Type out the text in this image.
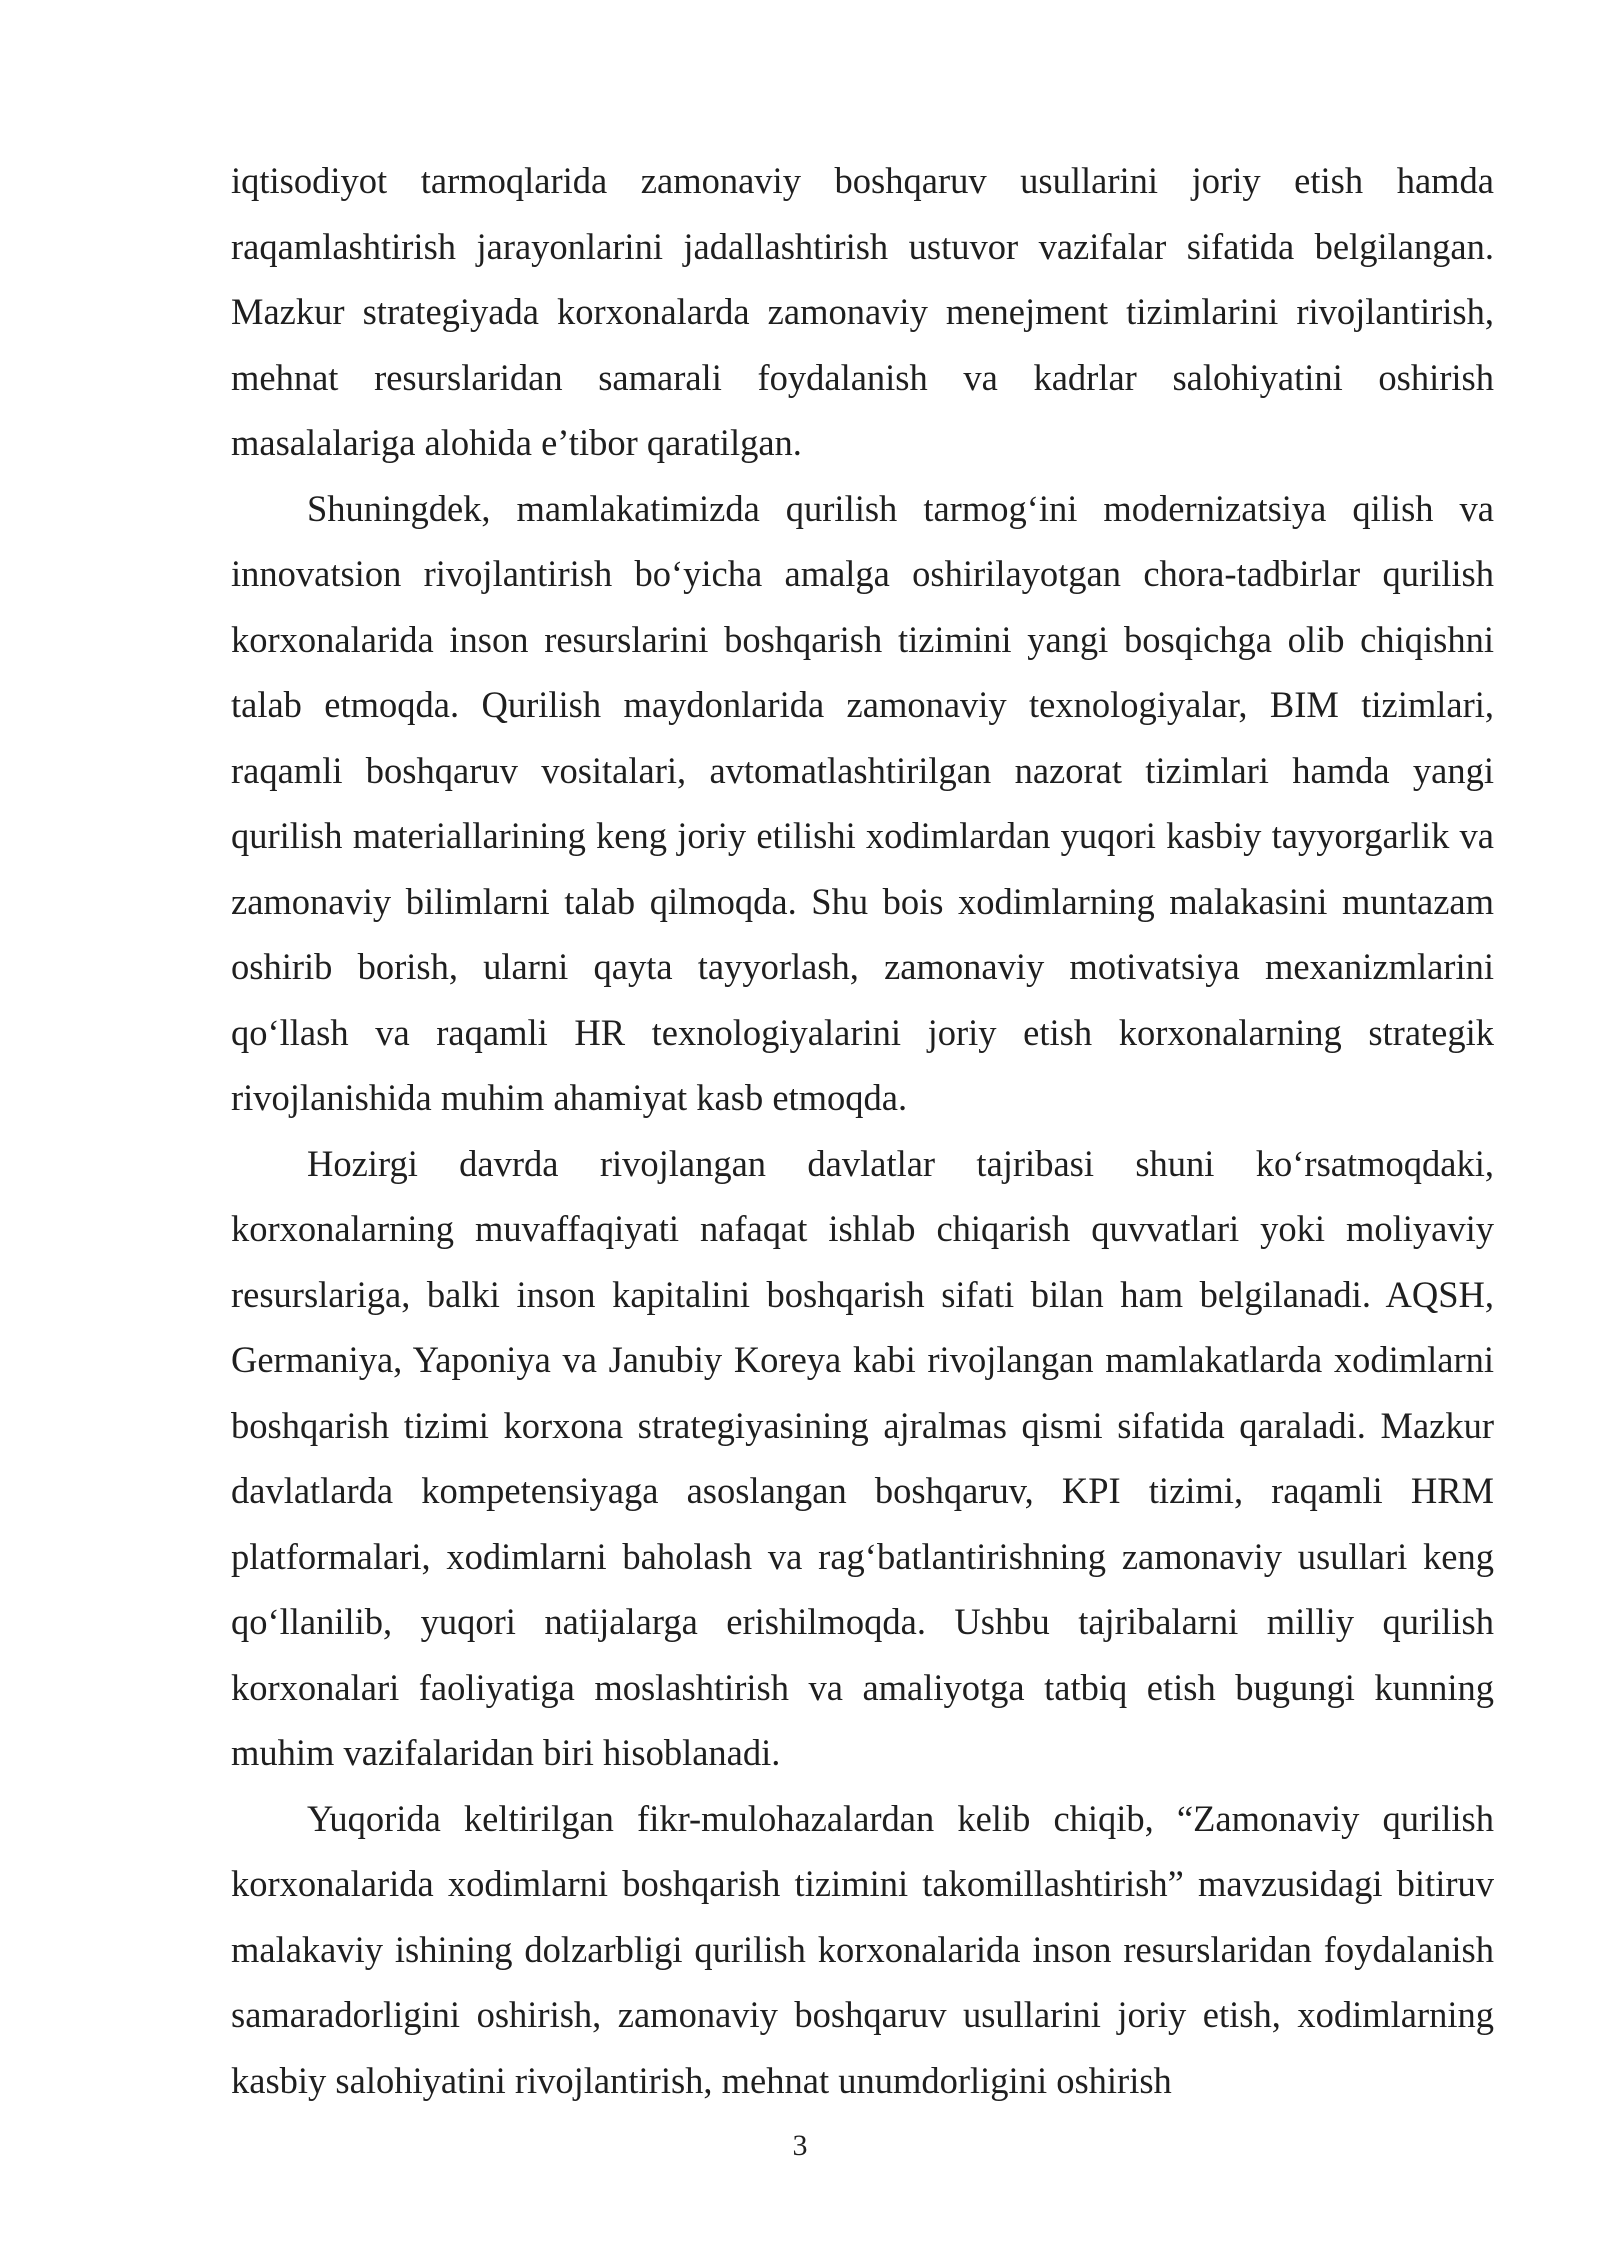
iqtisodiyot tarmoqlarida zamonaviy boshqaruv usullarini joriy etish hamda raqamlashtirish jarayonlarini jadallashtirish ustuvor vazifalar sifatida belgilangan. Mazkur strategiyada korxonalarda zamonaviy menejment tizimlarini rivojlantirish, mehnat resurslaridan samarali foydalanish va kadrlar salohiyatini oshirish masalalariga alohida e’tibor qaratilgan.

Shuningdek, mamlakatimizda qurilish tarmog‘ini modernizatsiya qilish va innovatsion rivojlantirish bo‘yicha amalga oshirilayotgan chora-tadbirlar qurilish korxonalarida inson resurslarini boshqarish tizimini yangi bosqichga olib chiqishni talab etmoqda. Qurilish maydonlarida zamonaviy texnologiyalar, BIM tizimlari, raqamli boshqaruv vositalari, avtomatlashtirilgan nazorat tizimlari hamda yangi qurilish materiallarining keng joriy etilishi xodimlardan yuqori kasbiy tayyorgarlik va zamonaviy bilimlarni talab qilmoqda. Shu bois xodimlarning malakasini muntazam oshirib borish, ularni qayta tayyorlash, zamonaviy motivatsiya mexanizmlarini qo‘llash va raqamli HR texnologiyalarini joriy etish korxonalarning strategik rivojlanishida muhim ahamiyat kasb etmoqda.

Hozirgi davrda rivojlangan davlatlar tajribasi shuni ko‘rsatmoqdaki, korxonalarning muvaffaqiyati nafaqat ishlab chiqarish quvvatlari yoki moliyaviy resurslariga, balki inson kapitalini boshqarish sifati bilan ham belgilanadi. AQSH, Germaniya, Yaponiya va Janubiy Koreya kabi rivojlangan mamlakatlarda xodimlarni boshqarish tizimi korxona strategiyasining ajralmas qismi sifatida qaraladi. Mazkur davlatlarda kompetensiyaga asoslangan boshqaruv, KPI tizimi, raqamli HRM platformalari, xodimlarni baholash va rag‘batlantirishning zamonaviy usullari keng qo‘llanilib, yuqori natijalarga erishilmoqda. Ushbu tajribalarni milliy qurilish korxonalari faoliyatiga moslashtirish va amaliyotga tatbiq etish bugungi kunning muhim vazifalaridan biri hisoblanadi.

Yuqorida keltirilgan fikr-mulohazalardan kelib chiqib, “Zamonaviy qurilish korxonalarida xodimlarni boshqarish tizimini takomillashtirish” mavzusidagi bitiruv malakaviy ishining dolzarbligi qurilish korxonalarida inson resurslaridan foydalanish samaradorligini oshirish, zamonaviy boshqaruv usullarini joriy etish, xodimlarning kasbiy salohiyatini rivojlantirish, mehnat unumdorligini oshirish

3
